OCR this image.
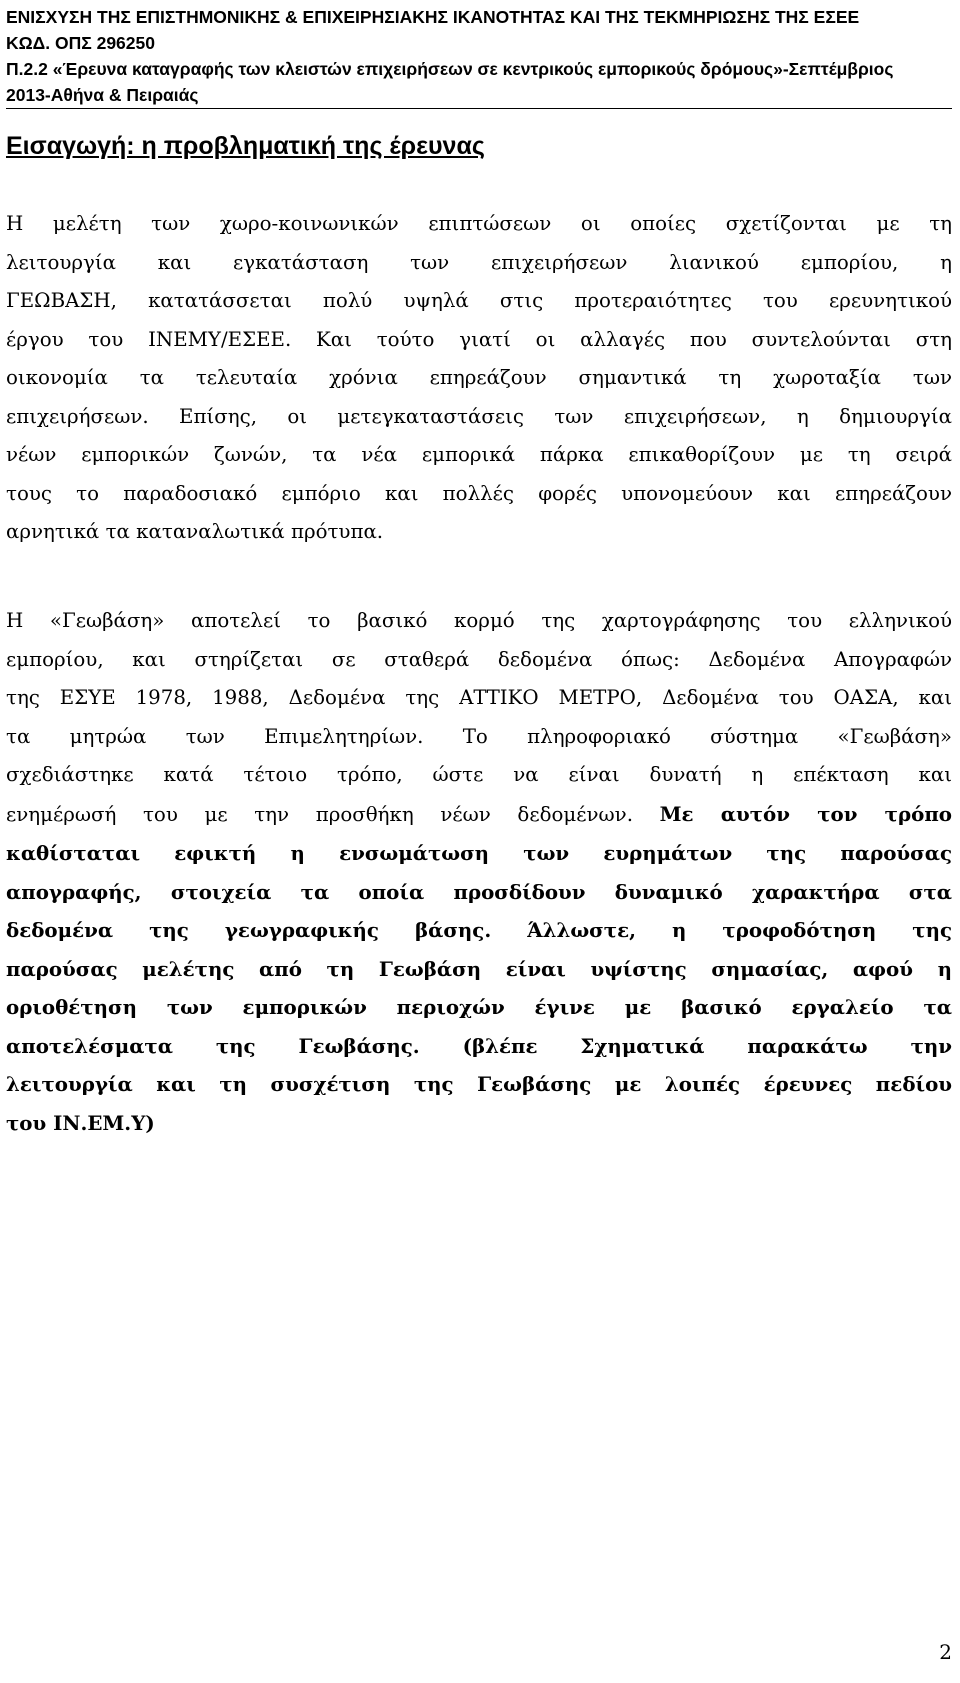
ΕΝΙΣΧΥΣΗ ΤΗΣ ΕΠΙΣΤΗΜΟΝΙΚΗΣ & ΕΠΙΧΕΙΡΗΣΙΑΚΗΣ ΙΚΑΝΟΤΗΤΑΣ ΚΑΙ ΤΗΣ ΤΕΚΜΗΡΙΩΣΗΣ ΤΗΣ ΕΣΕΕ
ΚΩΔ. ΟΠΣ 296250
Π.2.2 «Έρευνα καταγραφής των κλειστών επιχειρήσεων σε κεντρικούς εμπορικούς δρόμους»-Σεπτέμβριος
2013-Αθήνα & Πειραιάς
Εισαγωγή: η προβληματική της έρευνας
Η μελέτη των χωρο-κοινωνικών επιπτώσεων οι οποίες σχετίζονται με τη
λειτουργία και εγκατάσταση των επιχειρήσεων λιανικού εμπορίου, η
ΓΕΩΒΑΣΗ, κατατάσσεται πολύ υψηλά στις προτεραιότητες του ερευνητικού
έργου του ΙΝΕΜΥ/ΕΣΕΕ. Και τούτο γιατί οι αλλαγές που συντελούνται στη
οικονομία τα τελευταία χρόνια επηρεάζουν σημαντικά τη χωροταξία των
επιχειρήσεων. Επίσης, οι μετεγκαταστάσεις των επιχειρήσεων, η δημιουργία
νέων εμπορικών ζωνών, τα νέα εμπορικά πάρκα επικαθορίζουν με τη σειρά
τους το παραδοσιακό εμπόριο και πολλές φορές υπονομεύουν και επηρεάζουν
αρνητικά τα καταναλωτικά πρότυπα.
Η «Γεωβάση» αποτελεί το βασικό κορμό της χαρτογράφησης του ελληνικού
εμπορίου, και στηρίζεται σε σταθερά δεδομένα όπως: Δεδομένα Απογραφών
της ΕΣΥΕ 1978, 1988, Δεδομένα της ΑΤΤΙΚΟ ΜΕΤΡΟ, Δεδομένα του ΟΑΣΑ, και
τα μητρώα των Επιμελητηρίων. Το πληροφοριακό σύστημα «Γεωβάση»
σχεδιάστηκε κατά τέτοιο τρόπο, ώστε να είναι δυνατή η επέκταση και
ενημέρωσή του με την προσθήκη νέων δεδομένων. Με αυτόν τον τρόπο
καθίσταται εφικτή η ενσωμάτωση των ευρημάτων της παρούσας
απογραφής, στοιχεία τα οποία προσδίδουν δυναμικό χαρακτήρα στα
δεδομένα της γεωγραφικής βάσης. Άλλωστε, η τροφοδότηση της
παρούσας μελέτης από τη Γεωβάση είναι υψίστης σημασίας, αφού η
οριοθέτηση των εμπορικών περιοχών έγινε με βασικό εργαλείο τα
αποτελέσματα της Γεωβάσης. (βλέπε Σχηματικά παρακάτω την
λειτουργία και τη συσχέτιση της Γεωβάσης με λοιπές έρευνες πεδίου
του ΙΝ.ΕΜ.Υ)
2
